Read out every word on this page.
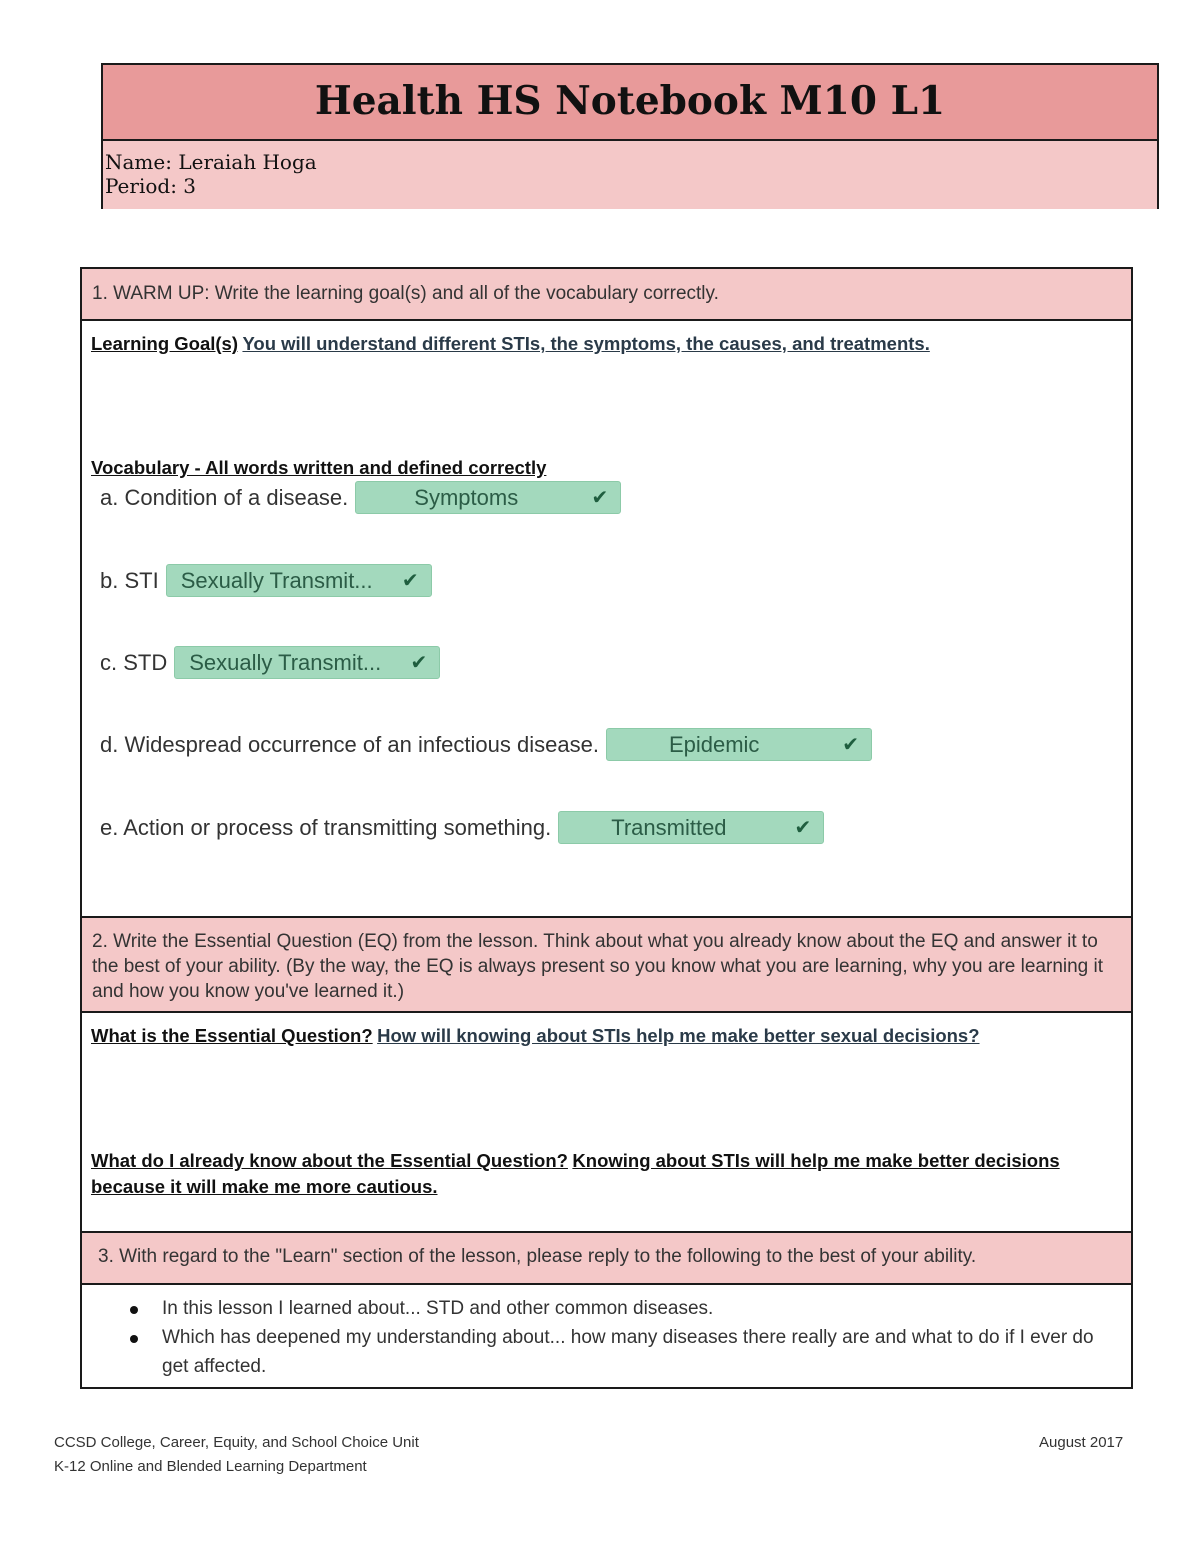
Health HS Notebook M10 L1
Name: Leraiah Hoga
Period: 3
1. WARM UP: Write the learning goal(s) and all of the vocabulary correctly.
Learning Goal(s) You will understand different STIs, the symptoms, the causes, and treatments.
Vocabulary - All words written and defined correctly
a. Condition of a disease.	Symptoms	✔
b. STI Sexually Transmit... ✔
c. STD Sexually Transmit... ✔
d. Widespread occurrence of an infectious disease.	Epidemic	✔
e. Action or process of transmitting something.	Transmitted	✔
2. Write the Essential Question (EQ) from the lesson. Think about what you already know about the EQ and answer it to the best of your ability. (By the way, the EQ is always present so you know what you are learning, why you are learning it and how you know you've learned it.)
What is the Essential Question? How will knowing about STIs help me make better sexual decisions?
What do I already know about the Essential Question? Knowing about STIs will help me make better decisions because it will make me more cautious.
3. With regard to the "Learn" section of the lesson, please reply to the following to the best of your ability.
In this lesson I learned about... STD and other common diseases.
Which has deepened my understanding about... how many diseases there really are and what to do if I ever do get affected.
CCSD College, Career, Equity, and School Choice Unit
K-12 Online and Blended Learning Department
August 2017
